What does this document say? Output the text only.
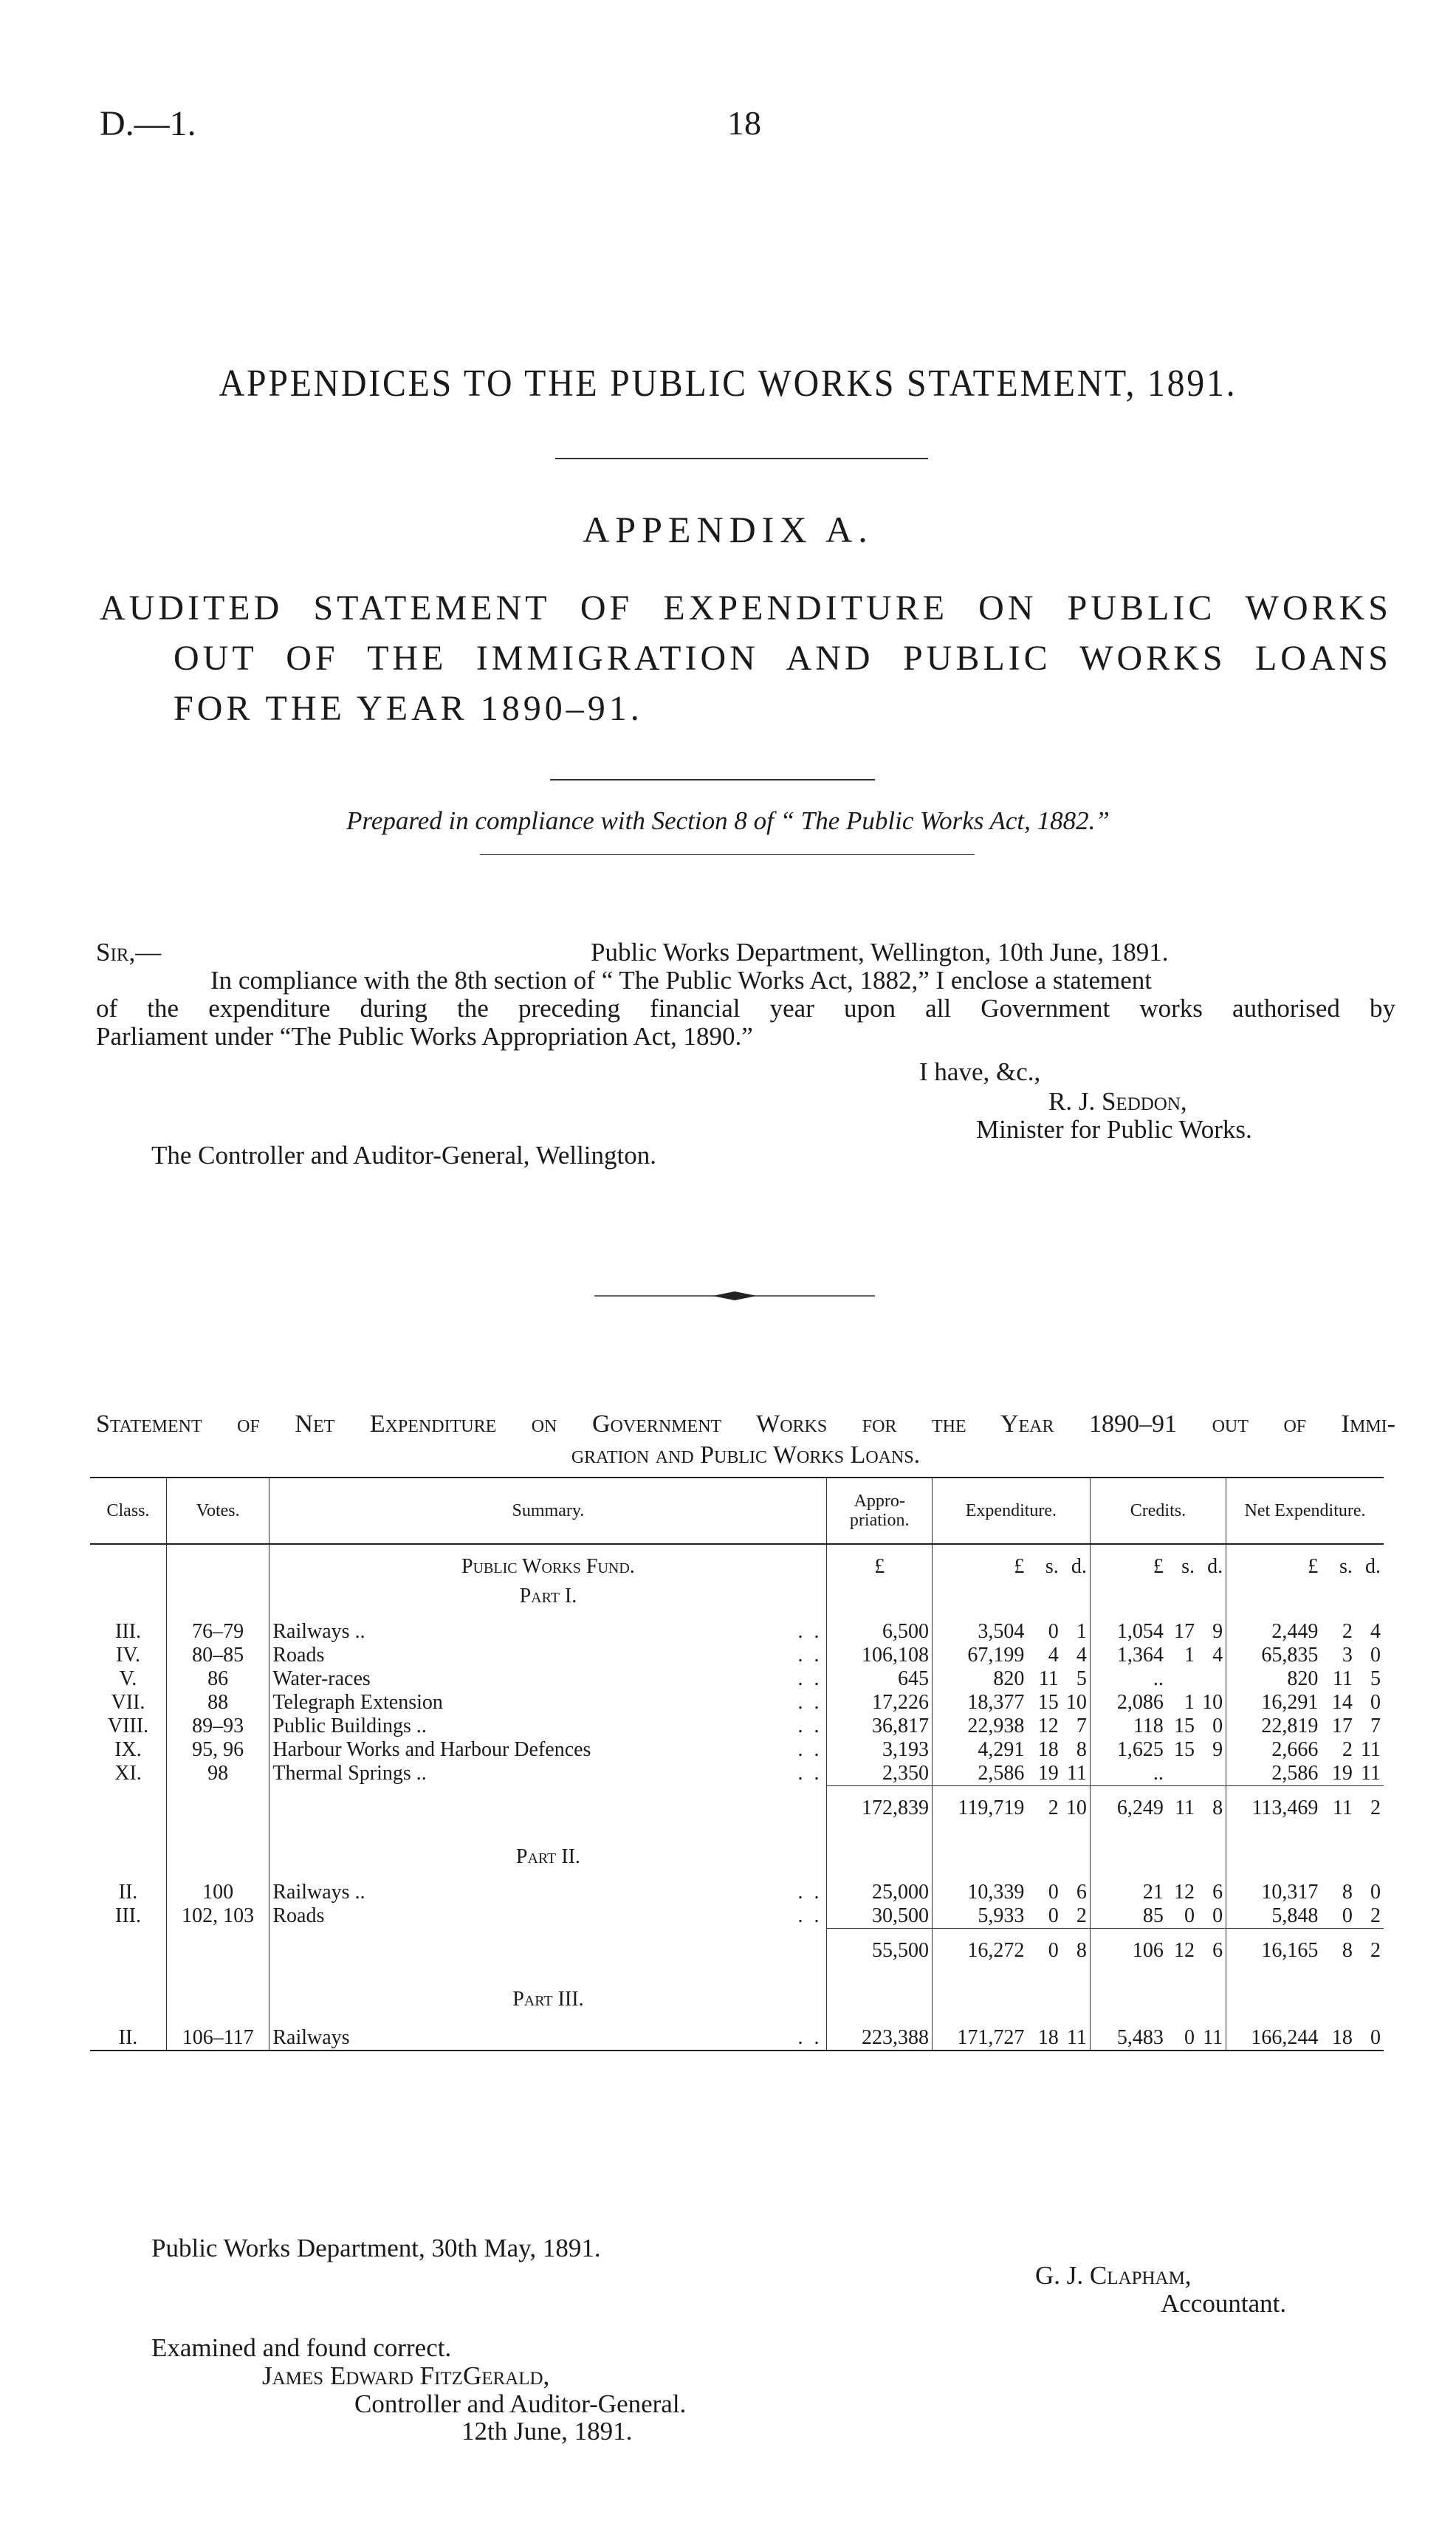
D.—1.	18
APPENDICES TO THE PUBLIC WORKS STATEMENT, 1891.
APPENDIX A.
AUDITED STATEMENT OF EXPENDITURE ON PUBLIC WORKS
OUT OF THE IMMIGRATION AND PUBLIC WORKS LOANS
FOR THE YEAR 1890–91.
Prepared in compliance with Section 8 of “ The Public Works Act, 1882.”
Sir,—	Public Works Department, Wellington, 10th June, 1891.
In compliance with the 8th section of “ The Public Works Act, 1882,” I enclose a statement
of the expenditure during the preceding financial year upon all Government works authorised by
Parliament under “The Public Works Appropriation Act, 1890.”
I have, &c.,
R. J. Seddon,
Minister for Public Works.
The Controller and Auditor-General, Wellington.
Statement of Net Expenditure on Government Works for the Year 1890–91 out of Immi-
gration and Public Works Loans.
Class.	Votes.	Summary.	Appro-priation.	Expenditure.			Credits.			Net Expenditure.		

		Public Works Fund.	£	£	s.	d.	£	s.	d.	£	s.	d.

		Part I.										

III.	76–79	Railways .. . .	6,500	3,504	0	1	1,054	17	9	2,449	2	4
IV.	80–85	Roads . .	106,108	67,199	4	4	1,364	1	4	65,835	3	0
V.	86	Water-races . .	645	820	11	5	..			820	11	5
VII.	88	Telegraph Extension . .	17,226	18,377	15	10	2,086	1	10	16,291	14	0
VIII.	89–93	Public Buildings .. . .	36,817	22,938	12	7	118	15	0	22,819	17	7
IX.	95, 96	Harbour Works and Harbour Defences . .	3,193	4,291	18	8	1,625	15	9	2,666	2	11
XI.	98	Thermal Springs .. . .	2,350	2,586	19	11	..			2,586	19	11
			172,839	119,719	2	10	6,249	11	8	113,469	11	2

		Part II.										

II.	100	Railways .. . .	25,000	10,339	0	6	21	12	6	10,317	8	0
III.	102, 103	Roads . .	30,500	5,933	0	2	85	0	0	5,848	0	2
			55,500	16,272	0	8	106	12	6	16,165	8	2

		Part III.										

II.	106–117	Railways . .	223,388	171,727	18	11	5,483	0	11	166,244	18	0
Public Works Department, 30th May, 1891.
G. J. Clapham,
Accountant.
Examined and found correct.
James Edward FitzGerald,
Controller and Auditor-General.
12th June, 1891.
